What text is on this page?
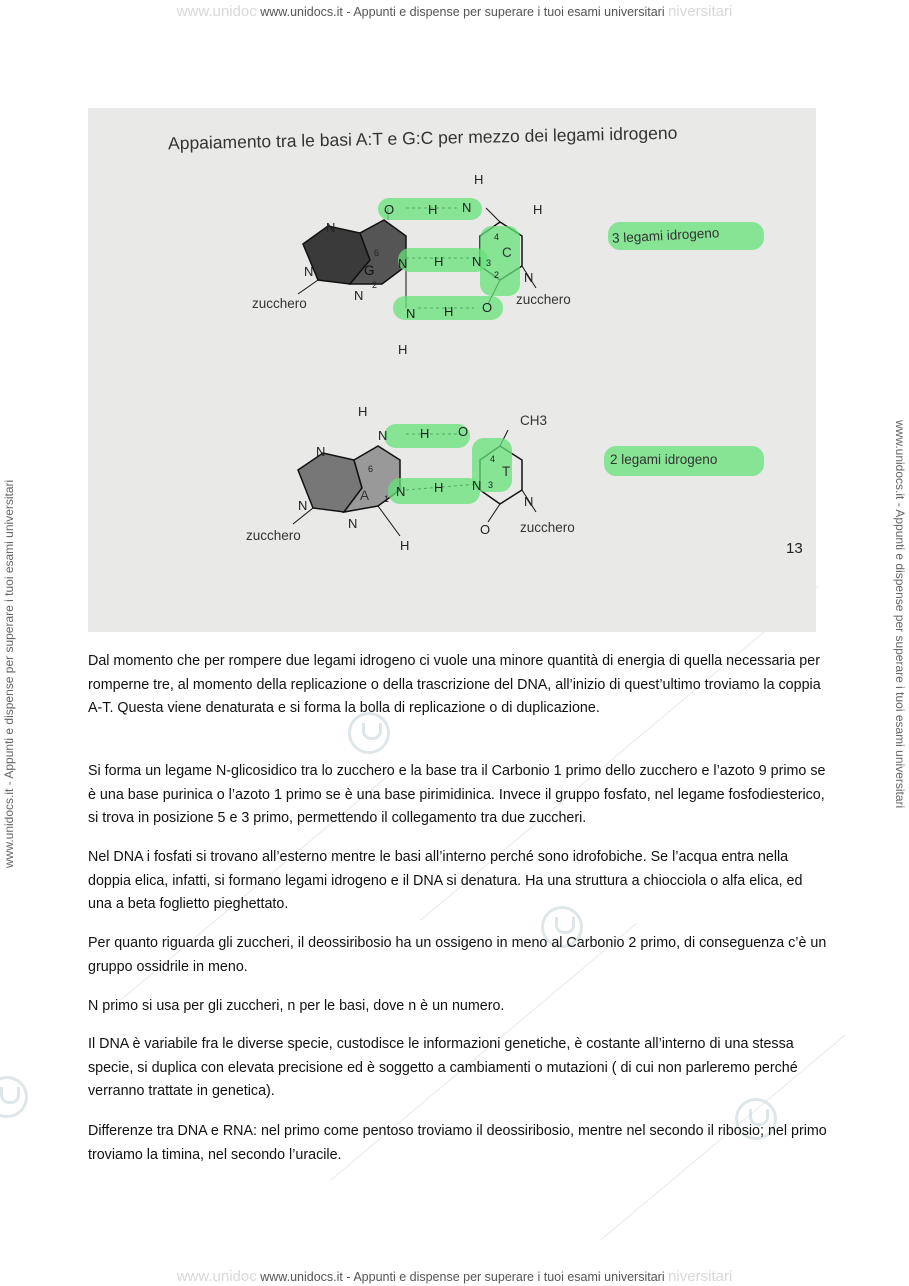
www.unidoc www.unidocs.it - Appunti e dispense per superare i tuoi esami universitari niversitari
www.unidoc www.unidocs.it - Appunti e dispense per superare i tuoi esami universitari niversitari
www.unidocs.it - Appunti e dispense per superare i tuoi esami universitari	www.unidocs.it - Appunti e dispense per superare i tuoi esami universitari
Appaiamento tra le basi A:T e G:C per mezzo dei legami idrogeno
H
N
O	H	H
N
N H N
N
N
N
N H O
H
6
2
4
3
2
G
C
zucchero	zucchero
3 legami idrogeno
H
N	H O
CH3
N
N H N
N
N
N
O
H
6
1
4
3
A
T
zucchero
zucchero
2 legami idrogeno
13

Dal momento che per rompere due legami idrogeno ci vuole una minore quantità di energia di quella necessaria per romperne tre, al momento della replicazione o della trascrizione del DNA, all’inizio di quest’ultimo troviamo la coppia A-T. Questa viene denaturata e si forma la bolla di replicazione o di duplicazione.

Si forma un legame N-glicosidico tra lo zucchero e la base tra il Carbonio 1 primo dello zucchero e l’azoto 9 primo se è una base purinica o l’azoto 1 primo se è una base pirimidinica. Invece il gruppo fosfato, nel legame fosfodiesterico, si trova in posizione 5 e 3 primo, permettendo il collegamento tra due zuccheri.

Nel DNA i fosfati si trovano all’esterno mentre le basi all’interno perché sono idrofobiche. Se l’acqua entra nella doppia elica, infatti, si formano legami idrogeno e il DNA si denatura. Ha una struttura a chiocciola o alfa elica, ed una a beta foglietto pieghettato.

Per quanto riguarda gli zuccheri, il deossiribosio ha un ossigeno in meno al Carbonio 2 primo, di conseguenza c’è un gruppo ossidrile in meno.

N primo si usa per gli zuccheri, n per le basi, dove n è un numero.

Il DNA è variabile fra le diverse specie, custodisce le informazioni genetiche, è costante all’interno di una stessa specie, si duplica con elevata precisione ed è soggetto a cambiamenti o mutazioni ( di cui non parleremo perché verranno trattate in genetica).

Differenze tra DNA e RNA: nel primo come pentoso troviamo il deossiribosio, mentre nel secondo il ribosio; nel primo troviamo la timina, nel secondo l’uracile.
